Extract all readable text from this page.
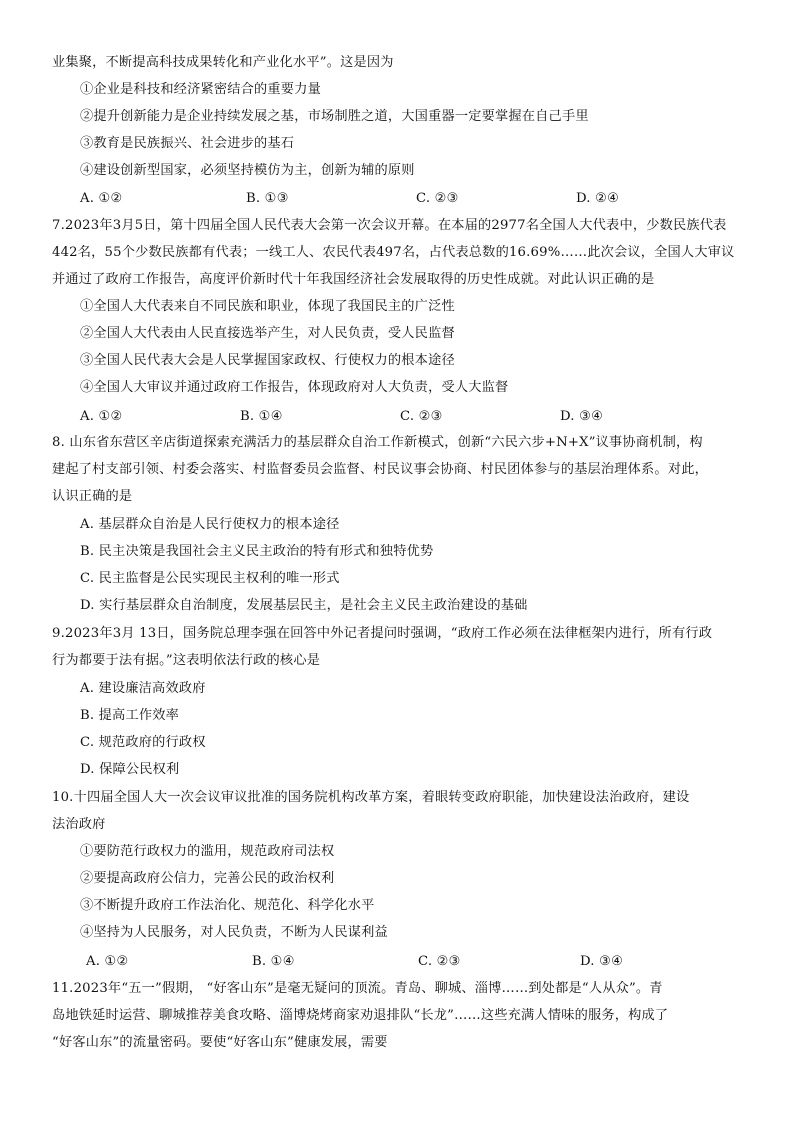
业集聚，不断提高科技成果转化和产业化水平”。这是因为
①企业是科技和经济紧密结合的重要力量
②提升创新能力是企业持续发展之基，市场制胜之道，大国重器一定要掌握在自己手里
③教育是民族振兴、社会进步的基石
④建设创新型国家，必须坚持模仿为主，创新为辅的原则
A. ①②	B. ①③	C. ②③	D. ②④
7.2023年3月5日，第十四届全国人民代表大会第一次会议开幕。在本届的2977名全国人大代表中，少数民族代表
442名，55个少数民族都有代表；一线工人、农民代表497名，占代表总数的16.69%……此次会议，全国人大审议
并通过了政府工作报告，高度评价新时代十年我国经济社会发展取得的历史性成就。对此认识正确的是
①全国人大代表来自不同民族和职业，体现了我国民主的广泛性
②全国人大代表由人民直接选举产生，对人民负责，受人民监督
③全国人民代表大会是人民掌握国家政权、行使权力的根本途径
④全国人大审议并通过政府工作报告，体现政府对人大负责，受人大监督
A. ①②	B. ①④	C. ②③	D. ③④
8. 山东省东营区辛店街道探索充满活力的基层群众自治工作新模式，创新“六民六步+N+X”议事协商机制，构
建起了村支部引领、村委会落实、村监督委员会监督、村民议事会协商、村民团体参与的基层治理体系。对此，
认识正确的是
A. 基层群众自治是人民行使权力的根本途径
B. 民主决策是我国社会主义民主政治的特有形式和独特优势
C. 民主监督是公民实现民主权利的唯一形式
D. 实行基层群众自治制度，发展基层民主，是社会主义民主政治建设的基础
9.2023年3月 13日，国务院总理李强在回答中外记者提问时强调，“政府工作必须在法律框架内进行，所有行政
行为都要于法有据。”这表明依法行政的核心是
A. 建设廉洁高效政府
B. 提高工作效率
C. 规范政府的行政权
D. 保障公民权利
10.十四届全国人大一次会议审议批准的国务院机构改革方案，着眼转变政府职能，加快建设法治政府，建设
法治政府
①要防范行政权力的滥用，规范政府司法权
②要提高政府公信力，完善公民的政治权利
③不断提升政府工作法治化、规范化、科学化水平
④坚持为人民服务，对人民负责，不断为人民谋利益
A. ①②	B. ①④	C. ②③	D. ③④
11.2023年“五一”假期， “好客山东”是毫无疑问的顶流。青岛、聊城、淄博……到处都是“人从众”。青
岛地铁延时运营、聊城推荐美食攻略、淄博烧烤商家劝退排队“长龙”……这些充满人情味的服务，构成了
“好客山东”的流量密码。要使“好客山东”健康发展，需要
